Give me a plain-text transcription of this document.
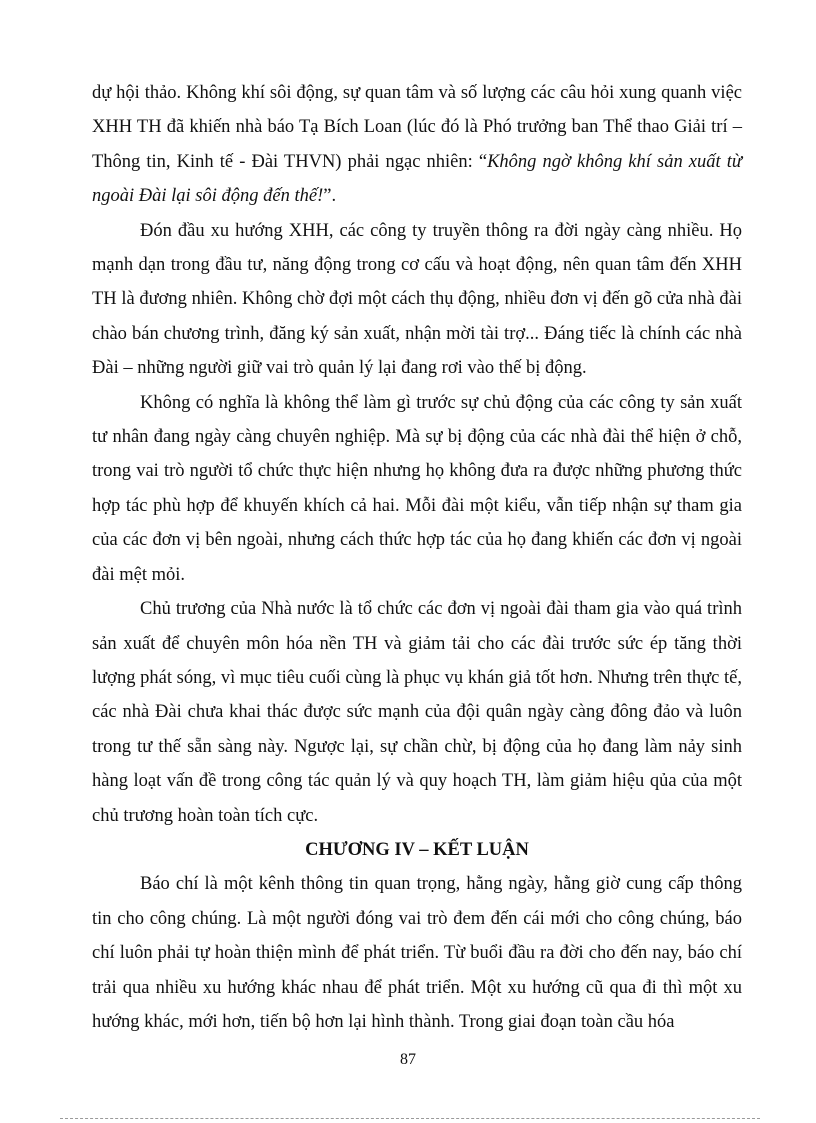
dự hội thảo. Không khí sôi động, sự quan tâm và số lượng các câu hỏi xung quanh việc XHH TH đã khiến nhà báo Tạ Bích Loan (lúc đó là Phó trưởng ban Thể thao Giải trí – Thông tin, Kinh tế - Đài THVN) phải ngạc nhiên: “Không ngờ không khí sản xuất từ ngoài Đài lại sôi động đến thế!”.

Đón đầu xu hướng XHH, các công ty truyền thông ra đời ngày càng nhiều. Họ mạnh dạn trong đầu tư, năng động trong cơ cấu và hoạt động, nên quan tâm đến XHH TH là đương nhiên. Không chờ đợi một cách thụ động, nhiều đơn vị đến gõ cửa nhà đài chào bán chương trình, đăng ký sản xuất, nhận mời tài trợ... Đáng tiếc là chính các nhà Đài – những người giữ vai trò quản lý lại đang rơi vào thế bị động.

Không có nghĩa là không thể làm gì trước sự chủ động của các công ty sản xuất tư nhân đang ngày càng chuyên nghiệp. Mà sự bị động của các nhà đài thể hiện ở chỗ, trong vai trò người tổ chức thực hiện nhưng họ không đưa ra được những phương thức hợp tác phù hợp để khuyến khích cả hai. Mỗi đài một kiểu, vẫn tiếp nhận sự tham gia của các đơn vị bên ngoài, nhưng cách thức hợp tác của họ đang khiến các đơn vị ngoài đài mệt mỏi.

Chủ trương của Nhà nước là tổ chức các đơn vị ngoài đài tham gia vào quá trình sản xuất để chuyên môn hóa nền TH và giảm tải cho các đài trước sức ép tăng thời lượng phát sóng, vì mục tiêu cuối cùng là phục vụ khán giả tốt hơn. Nhưng trên thực tế, các nhà Đài chưa khai thác được sức mạnh của đội quân ngày càng đông đảo và luôn trong tư thế sẵn sàng này. Ngược lại, sự chần chừ, bị động của họ đang làm nảy sinh hàng loạt vấn đề trong công tác quản lý và quy hoạch TH, làm giảm hiệu qủa của một chủ trương hoàn toàn tích cực.

CHƯƠNG IV – KẾT LUẬN

Báo chí là một kênh thông tin quan trọng, hằng ngày, hằng giờ cung cấp thông tin cho công chúng. Là một người đóng vai trò đem đến cái mới cho công chúng, báo chí luôn phải tự hoàn thiện mình để phát triển. Từ buổi đầu ra đời cho đến nay, báo chí trải qua nhiều xu hướng khác nhau để phát triển. Một xu hướng cũ qua đi thì một xu hướng khác, mới hơn, tiến bộ hơn lại hình thành. Trong giai đoạn toàn cầu hóa

87
